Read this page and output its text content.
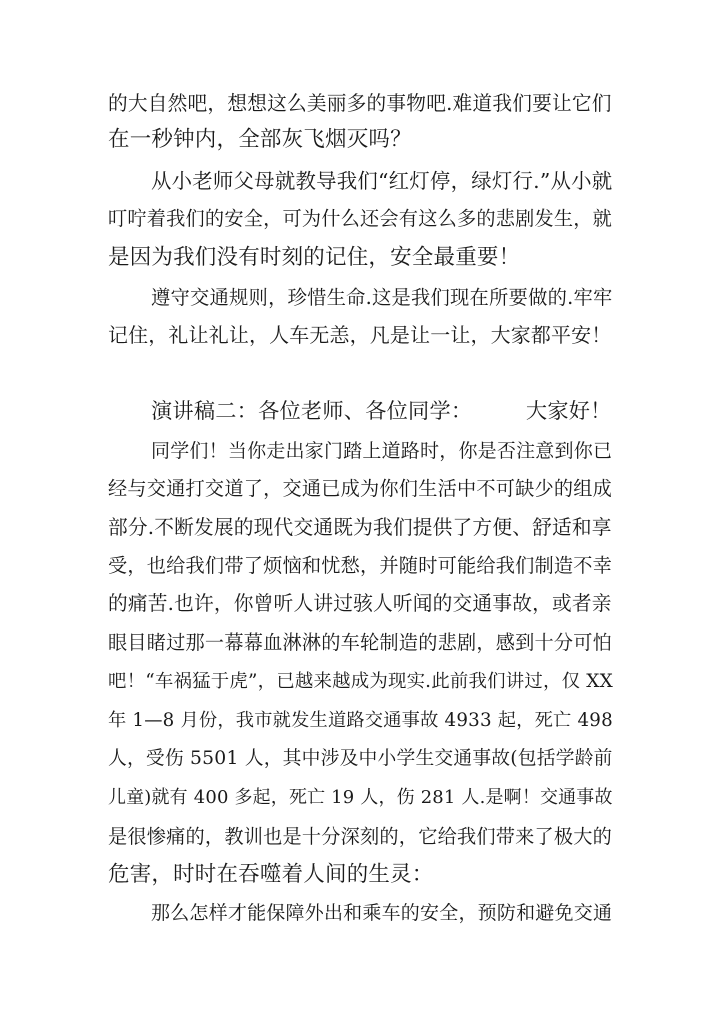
的大自然吧，想想这么美丽多的事物吧.难道我们要让它们
在一秒钟内，全部灰飞烟灭吗？
从小老师父母就教导我们“红灯停，绿灯行.”从小就
叮咛着我们的安全，可为什么还会有这么多的悲剧发生，就
是因为我们没有时刻的记住，安全最重要！
遵守交通规则，珍惜生命.这是我们现在所要做的.牢牢
记住，礼让礼让，人车无恙，凡是让一让，大家都平安！
演讲稿二：各位老师、各位同学：　　　大家好！
同学们！当你走出家门踏上道路时，你是否注意到你已
经与交通打交道了，交通已成为你们生活中不可缺少的组成
部分.不断发展的现代交通既为我们提供了方便、舒适和享
受，也给我们带了烦恼和忧愁，并随时可能给我们制造不幸
的痛苦.也许，你曾听人讲过骇人听闻的交通事故，或者亲
眼目睹过那一幕幕血淋淋的车轮制造的悲剧，感到十分可怕
吧！“车祸猛于虎”，已越来越成为现实.此前我们讲过，仅 XX
年 1—8 月份，我市就发生道路交通事故 4933 起，死亡 498
人，受伤 5501 人，其中涉及中小学生交通事故(包括学龄前
儿童)就有 400 多起，死亡 19 人，伤 281 人.是啊！交通事故
是很惨痛的，教训也是十分深刻的，它给我们带来了极大的
危害，时时在吞噬着人间的生灵：
那么怎样才能保障外出和乘车的安全，预防和避免交通
